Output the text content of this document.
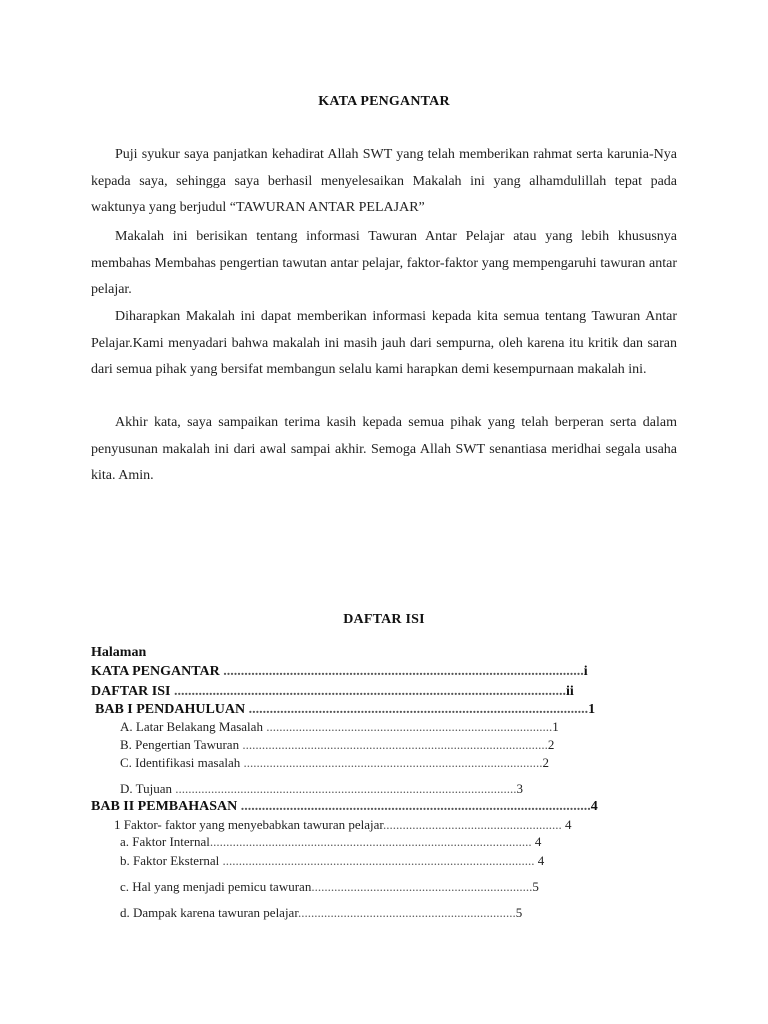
KATA PENGANTAR

Puji syukur saya panjatkan kehadirat Allah SWT yang telah memberikan rahmat serta karunia-Nya kepada saya, sehingga saya berhasil menyelesaikan Makalah ini yang alhamdulillah tepat pada waktunya yang berjudul “TAWURAN ANTAR PELAJAR”

Makalah ini berisikan tentang informasi Tawuran Antar Pelajar atau yang lebih khususnya membahas Membahas pengertian tawutan antar pelajar, faktor-faktor yang mempengaruhi tawuran antar pelajar.

Diharapkan Makalah ini dapat memberikan informasi kepada kita semua tentang Tawuran Antar Pelajar.Kami menyadari bahwa makalah ini masih jauh dari sempurna, oleh karena itu kritik dan saran dari semua pihak yang bersifat membangun selalu kami harapkan demi kesempurnaan makalah ini.

Akhir kata, saya sampaikan terima kasih kepada semua pihak yang telah berperan serta dalam penyusunan makalah ini dari awal sampai akhir. Semoga Allah SWT senantiasa meridhai segala usaha kita. Amin.

DAFTAR ISI
Halaman
KATA PENGANTAR .......................................................................................................i
DAFTAR ISI ................................................................................................................ii
BAB I PENDAHULUAN .................................................................................................1
A. Latar Belakang Masalah ........................................................................................1
B. Pengertian Tawuran ..............................................................................................2
C. Identifikasi masalah ............................................................................................2
D. Tujuan .........................................................................................................3
BAB II PEMBAHASAN ....................................................................................................4
1 Faktor- faktor yang menyebabkan tawuran pelajar....................................................... 4
a. Faktor Internal................................................................................................... 4
b. Faktor Eksternal ................................................................................................ 4
c. Hal yang menjadi pemicu tawuran....................................................................5
d. Dampak karena tawuran pelajar...................................................................5
